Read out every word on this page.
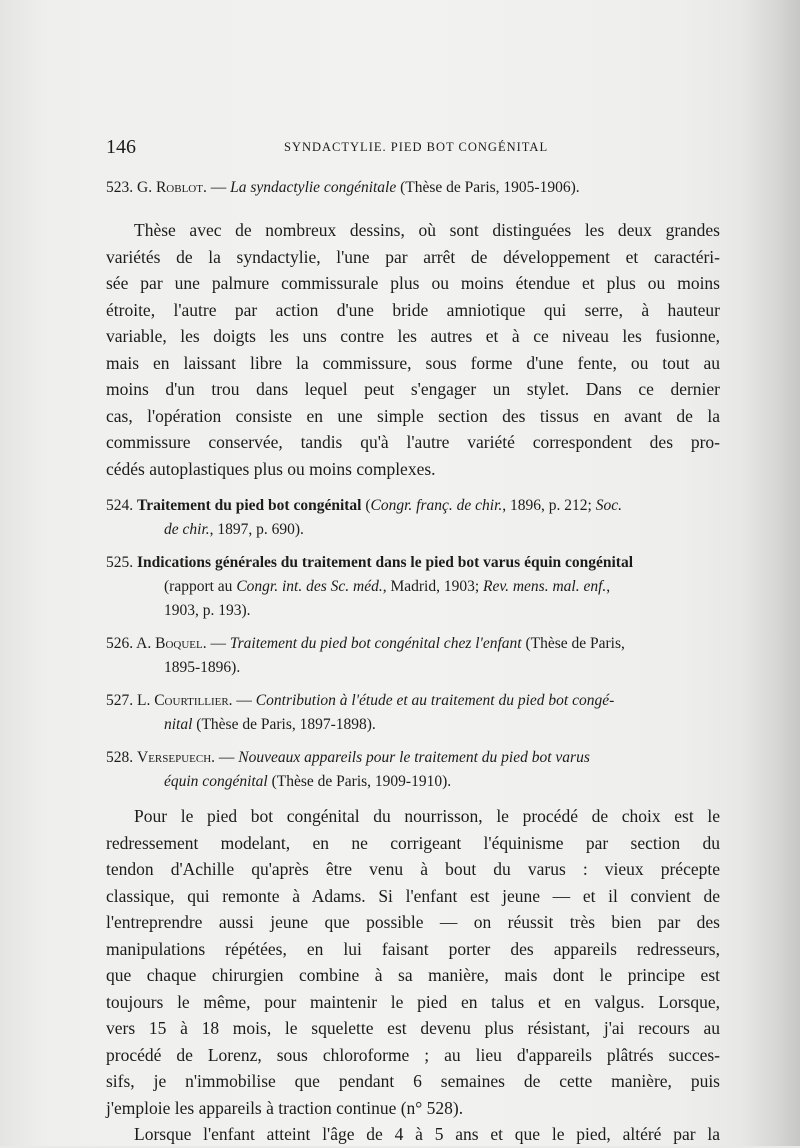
146	SYNDACTYLIE. PIED BOT CONGÉNITAL
523. G. Roblot. — La syndactylie congénitale (Thèse de Paris, 1905-1906).
Thèse avec de nombreux dessins, où sont distinguées les deux grandes
variétés de la syndactylie, l'une par arrêt de développement et caractéri-
sée par une palmure commissurale plus ou moins étendue et plus ou moins
étroite, l'autre par action d'une bride amniotique qui serre, à hauteur
variable, les doigts les uns contre les autres et à ce niveau les fusionne,
mais en laissant libre la commissure, sous forme d'une fente, ou tout au
moins d'un trou dans lequel peut s'engager un stylet. Dans ce dernier
cas, l'opération consiste en une simple section des tissus en avant de la
commissure conservée, tandis qu'à l'autre variété correspondent des pro-
cédés autoplastiques plus ou moins complexes.
524. Traitement du pied bot congénital (Congr. franç. de chir., 1896, p. 212; Soc.
de chir., 1897, p. 690).
525. Indications générales du traitement dans le pied bot varus équin congénital
(rapport au Congr. int. des Sc. méd., Madrid, 1903; Rev. mens. mal. enf.,
1903, p. 193).
526. A. Boquel. — Traitement du pied bot congénital chez l'enfant (Thèse de Paris,
1895-1896).
527. L. Courtillier. — Contribution à l'étude et au traitement du pied bot congé-
nital (Thèse de Paris, 1897-1898).
528. Versepuech. — Nouveaux appareils pour le traitement du pied bot varus
équin congénital (Thèse de Paris, 1909-1910).
Pour le pied bot congénital du nourrisson, le procédé de choix est le
redressement modelant, en ne corrigeant l'équinisme par section du
tendon d'Achille qu'après être venu à bout du varus : vieux précepte
classique, qui remonte à Adams. Si l'enfant est jeune — et il convient de
l'entreprendre aussi jeune que possible — on réussit très bien par des
manipulations répétées, en lui faisant porter des appareils redresseurs,
que chaque chirurgien combine à sa manière, mais dont le principe est
toujours le même, pour maintenir le pied en talus et en valgus. Lorsque,
vers 15 à 18 mois, le squelette est devenu plus résistant, j'ai recours au
procédé de Lorenz, sous chloroforme ; au lieu d'appareils plâtrés succes-
sifs, je n'immobilise que pendant 6 semaines de cette manière, puis
j'emploie les appareils à traction continue (n° 528).
Lorsque l'enfant atteint l'âge de 4 à 5 ans et que le pied, altéré par la
